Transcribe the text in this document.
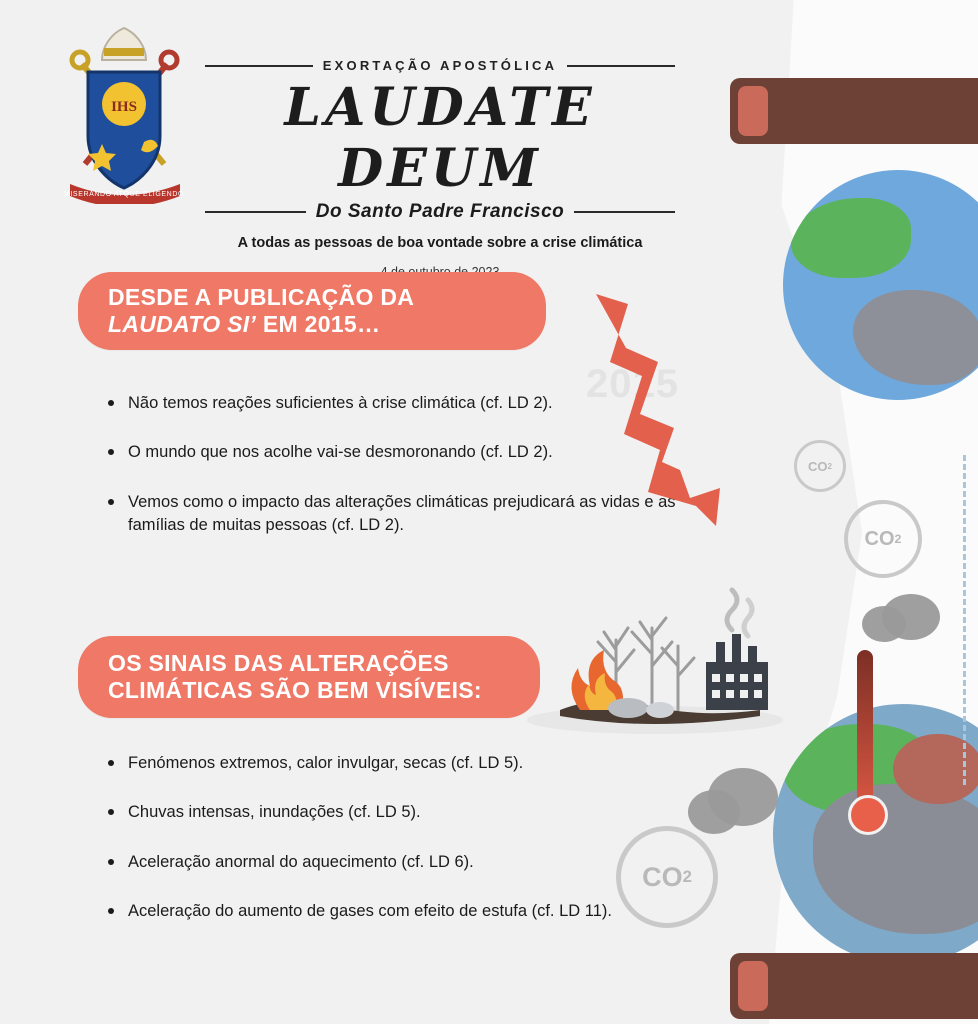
CO 2
CO 2
CO 2
IHS
MISERANDO ATQUE ELIGENDO
EXORTAÇÃO APOSTÓLICA
LAUDATE DEUM
Do Santo Padre Francisco
A todas as pessoas de boa vontade sobre a crise climática
DESDE A PUBLICAÇÃO DA
LAUDATO SI’ EM 2015…
Não temos reações suficientes à crise climática (cf. LD 2).
O mundo que nos acolhe vai-se desmoronando (cf. LD 2).
Vemos como o impacto das alterações climáticas prejudicará as vidas e as famílias de muitas pessoas (cf. LD 2).
2015
OS SINAIS DAS ALTERAÇÕES
CLIMÁTICAS SÃO BEM VISÍVEIS:
Fenómenos extremos, calor invulgar, secas (cf. LD 5).
Chuvas intensas, inundações (cf. LD 5).
Aceleração anormal do aquecimento (cf. LD 6).
Aceleração do aumento de gases com efeito de estufa (cf. LD 11).
